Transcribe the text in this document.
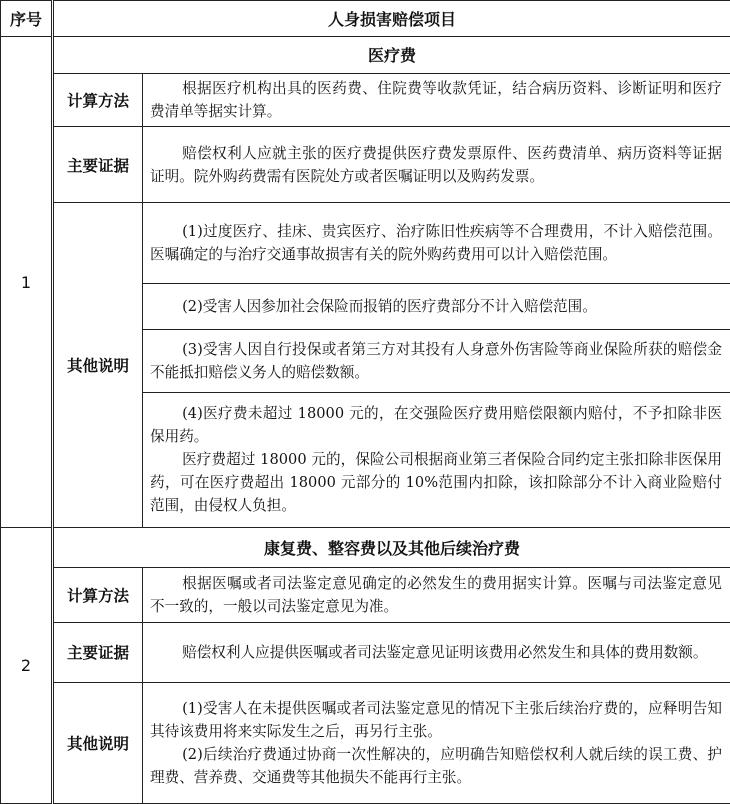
序号	人身损害赔偿项目	
1	医疗费	
	计算方法	根据医疗机构出具的医药费、住院费等收款凭证，结合病历资料、诊断证明和医疗费清单等据实计算。

	主要证据	赔偿权利人应就主张的医疗费提供医疗费发票原件、医药费清单、病历资料等证据证明。院外购药费需有医院处方或者医嘱证明以及购药发票。

	其他说明	(1)过度医疗、挂床、贵宾医疗、治疗陈旧性疾病等不合理费用，不计入赔偿范围。医嘱确定的与治疗交通事故损害有关的院外购药费用可以计入赔偿范围。

		(2)受害人因参加社会保险而报销的医疗费部分不计入赔偿范围。

		(3)受害人因自行投保或者第三方对其投有人身意外伤害险等商业保险所获的赔偿金不能抵扣赔偿义务人的赔偿数额。

		(4)医疗费未超过 18000 元的，在交强险医疗费用赔偿限额内赔付，不予扣除非医保用药。

医疗费超过 18000 元的，保险公司根据商业第三者保险合同约定主张扣除非医保用药，可在医疗费超出 18000 元部分的 10%范围内扣除，该扣除部分不计入商业险赔付范围，由侵权人负担。

2	康复费、整容费以及其他后续治疗费	
	计算方法	根据医嘱或者司法鉴定意见确定的必然发生的费用据实计算。医嘱与司法鉴定意见不一致的，一般以司法鉴定意见为准。

	主要证据	赔偿权利人应提供医嘱或者司法鉴定意见证明该费用必然发生和具体的费用数额。

	其他说明	(1)受害人在未提供医嘱或者司法鉴定意见的情况下主张后续治疗费的，应释明告知其待该费用将来实际发生之后，再另行主张。

(2)后续治疗费通过协商一次性解决的，应明确告知赔偿权利人就后续的误工费、护理费、营养费、交通费等其他损失不能再行主张。
